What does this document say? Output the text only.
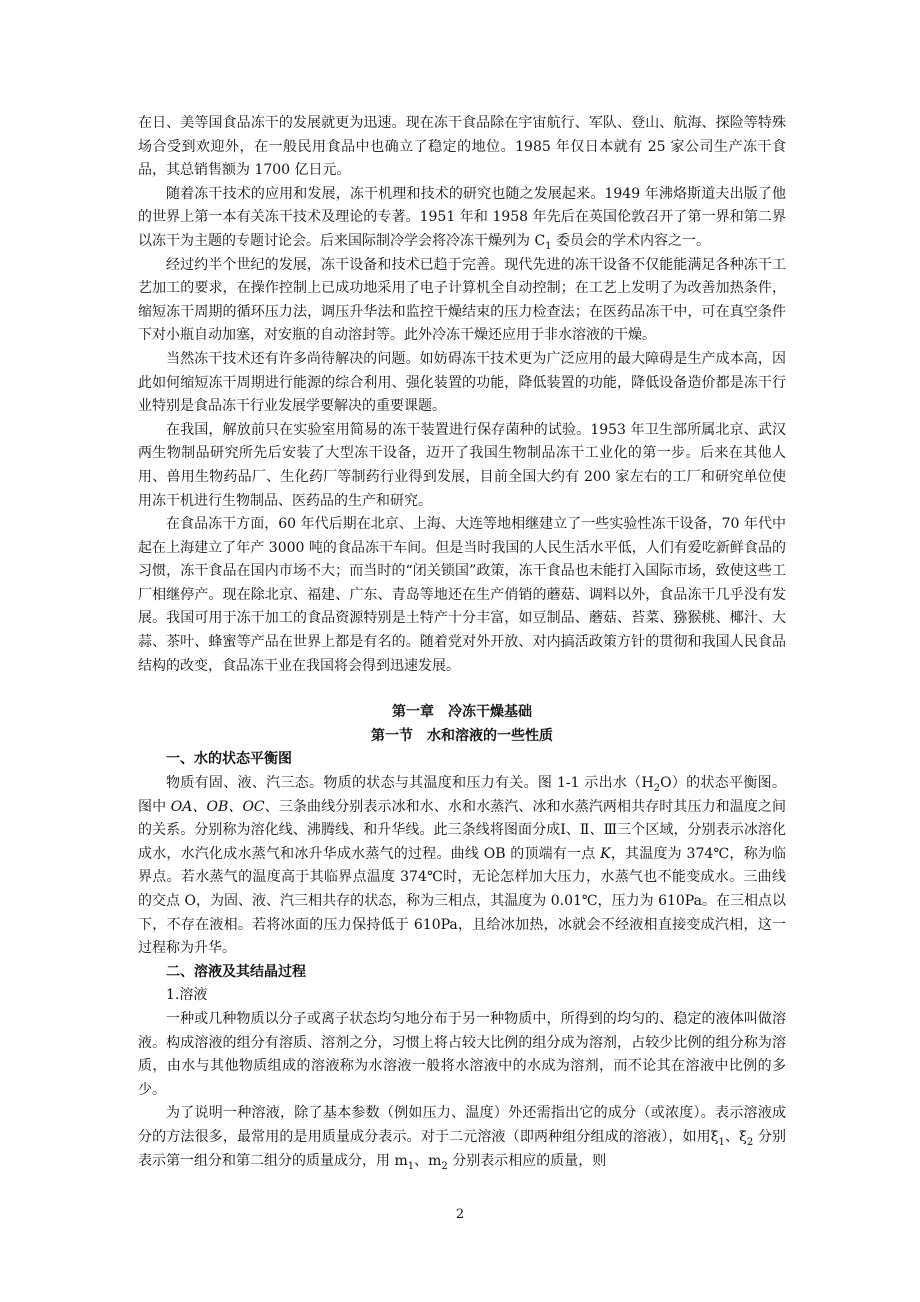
在日、美等国食品冻干的发展就更为迅速。现在冻干食品除在宇宙航行、军队、登山、航海、探险等特殊场合受到欢迎外，在一般民用食品中也确立了稳定的地位。1985 年仅日本就有 25 家公司生产冻干食品，其总销售额为 1700 亿日元。

随着冻干技术的应用和发展，冻干机理和技术的研究也随之发展起来。1949 年沸烙斯道夫出版了他的世界上第一本有关冻干技术及理论的专著。1951 年和 1958 年先后在英国伦敦召开了第一界和第二界以冻干为主题的专题讨论会。后来国际制冷学会将冷冻干燥列为 $C_1$ 委员会的学术内容之一。

经过约半个世纪的发展，冻干设备和技术已趋于完善。现代先进的冻干设备不仅能能满足各种冻干工艺加工的要求，在操作控制上已成功地采用了电子计算机全自动控制；在工艺上发明了为改善加热条件，缩短冻干周期的循环压力法，调压升华法和监控干燥结束的压力检查法；在医药品冻干中，可在真空条件下对小瓶自动加塞，对安瓶的自动溶封等。此外冷冻干燥还应用于非水溶液的干燥。

当然冻干技术还有许多尚待解决的问题。如妨碍冻干技术更为广泛应用的最大障碍是生产成本高，因此如何缩短冻干周期进行能源的综合利用、强化装置的功能，降低装置的功能，降低设备造价都是冻干行业特别是食品冻干行业发展学要解决的重要课题。

在我国，解放前只在实验室用简易的冻干装置进行保存菌种的试验。1953 年卫生部所属北京、武汉两生物制品研究所先后安装了大型冻干设备，迈开了我国生物制品冻干工业化的第一步。后来在其他人用、兽用生物药品厂、生化药厂等制药行业得到发展，目前全国大约有 200 家左右的工厂和研究单位使用冻干机进行生物制品、医药品的生产和研究。

在食品冻干方面，60 年代后期在北京、上海、大连等地相继建立了一些实验性冻干设备，70 年代中起在上海建立了年产 3000 吨的食品冻干车间。但是当时我国的人民生活水平低，人们有爱吃新鲜食品的习惯，冻干食品在国内市场不大；而当时的“闭关锁国”政策，冻干食品也未能打入国际市场，致使这些工厂相继停产。现在除北京、福建、广东、青岛等地还在生产俏销的蘑菇、调料以外，食品冻干几乎没有发展。我国可用于冻干加工的食品资源特别是土特产十分丰富，如豆制品、蘑菇、苔菜、猕猴桃、椰汁、大蒜、茶叶、蜂蜜等产品在世界上都是有名的。随着党对外开放、对内搞活政策方针的贯彻和我国人民食品结构的改变，食品冻干业在我国将会得到迅速发展。

第一章　冷冻干燥基础

第一节　水和溶液的一些性质

一、水的状态平衡图

物质有固、液、汽三态。物质的状态与其温度和压力有关。图 1-1 示出水$(H_2O)$的状态平衡图。图中 OA、OB、OC、三条曲线分别表示冰和水、水和水蒸汽、冰和水蒸汽两相共存时其压力和温度之间的关系。分别称为溶化线、沸腾线、和升华线。此三条线将图面分成Ⅰ、Ⅱ、Ⅲ三个区域，分别表示冰溶化成水，水汽化成水蒸气和冰升华成水蒸气的过程。曲线 OB 的顶端有一点 K，其温度为 374℃，称为临界点。若水蒸气的温度高于其临界点温度 374℃时，无论怎样加大压力，水蒸气也不能变成水。三曲线的交点 O，为固、液、汽三相共存的状态，称为三相点，其温度为 0.01℃，压力为 610Pa。在三相点以下，不存在液相。若将冰面的压力保持低于 610Pa，且给冰加热，冰就会不经液相直接变成汽相，这一过程称为升华。

二、溶液及其结晶过程

1.溶液

一种或几种物质以分子或离子状态均匀地分布于另一种物质中，所得到的均匀的、稳定的液体叫做溶液。构成溶液的组分有溶质、溶剂之分，习惯上将占较大比例的组分成为溶剂，占较少比例的组分称为溶质，由水与其他物质组成的溶液称为水溶液一般将水溶液中的水成为溶剂，而不论其在溶液中比例的多少。

为了说明一种溶液，除了基本参数（例如压力、温度）外还需指出它的成分（或浓度）。表示溶液成分的方法很多，最常用的是用质量成分表示。对于二元溶液（即两种组分组成的溶液），如用$\xi_1$、$\xi_2$ 分别表示第一组分和第二组分的质量成分，用 $m_1$、$m_2$ 分别表示相应的质量，则

2
